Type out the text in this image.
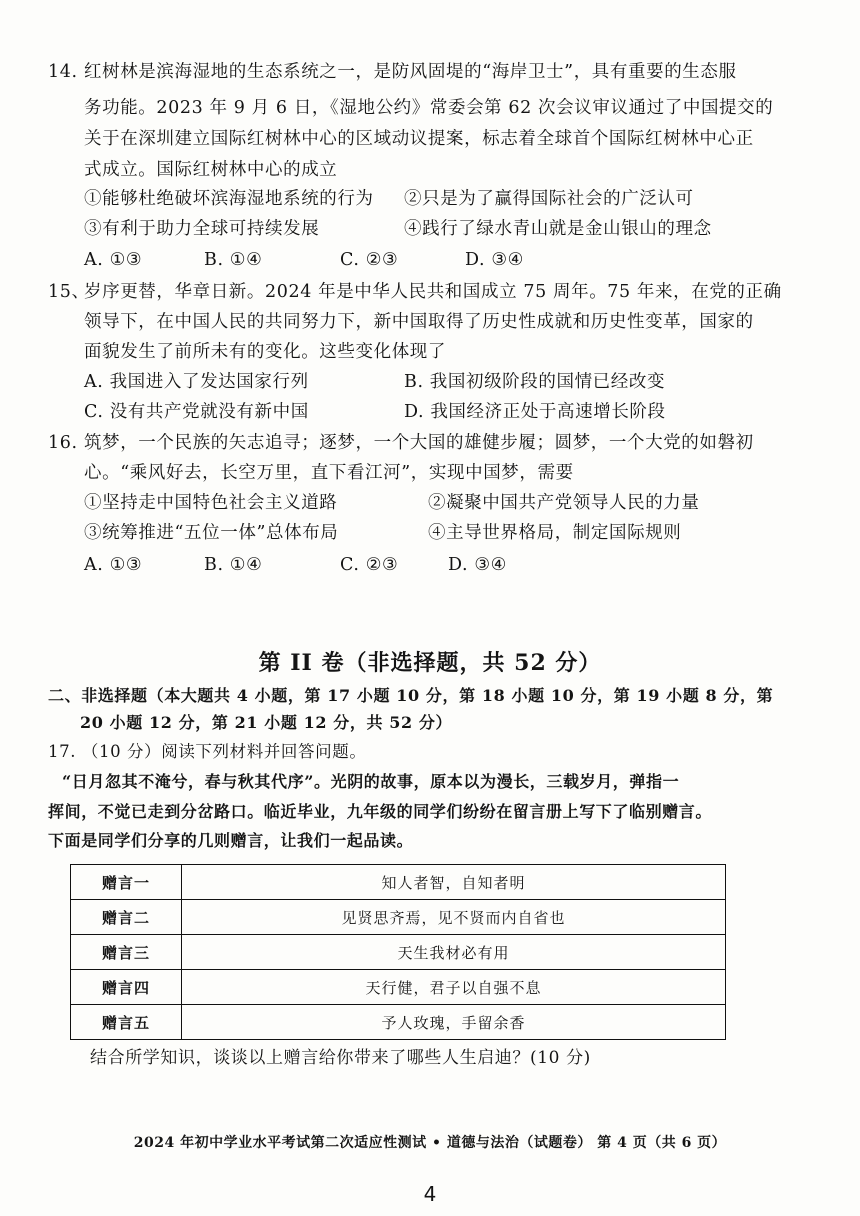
14. 红树林是滨海湿地的生态系统之一，是防风固堤的“海岸卫士”，具有重要的生态服
务功能。2023 年 9 月 6 日，《湿地公约》常委会第 62 次会议审议通过了中国提交的
关于在深圳建立国际红树林中心的区域动议提案，标志着全球首个国际红树林中心正
式成立。国际红树林中心的成立
①能够杜绝破坏滨海湿地系统的行为 ②只是为了赢得国际社会的广泛认可
③有利于助力全球可持续发展	④践行了绿水青山就是金山银山的理念
A. ①③	B. ①④	C. ②③	D. ③④
15、
岁序更替，华章日新。2024 年是中华人民共和国成立 75 周年。75 年来，在党的正确
领导下，在中国人民的共同努力下，新中国取得了历史性成就和历史性变革，国家的
面貌发生了前所未有的变化。这些变化体现了
A. 我国进入了发达国家行列	B. 我国初级阶段的国情已经改变
C. 没有共产党就没有新中国	D. 我国经济正处于高速增长阶段
16. 筑梦，一个民族的矢志追寻；逐梦，一个大国的雄健步履；圆梦，一个大党的如磐初
心。“乘风好去，长空万里，直下看江河”，实现中国梦，需要
①坚持走中国特色社会主义道路	②凝聚中国共产党领导人民的力量
③统筹推进“五位一体”总体布局	④主导世界格局，制定国际规则
A. ①③	B. ①④	C. ②③	D. ③④
第 II 卷（非选择题，共 52 分）
二、非选择题（本大题共 4 小题，第 17 小题 10 分，第 18 小题 10 分，第 19 小题 8 分，第
20 小题 12 分，第 21 小题 12 分，共 52 分）
17. （10 分）阅读下列材料并回答问题。
“日月忽其不淹兮，春与秋其代序”。光阴的故事，原本以为漫长，三载岁月，弹指一
挥间，不觉已走到分岔路口。临近毕业，九年级的同学们纷纷在留言册上写下了临别赠言。
下面是同学们分享的几则赠言，让我们一起品读。
赠言一	知人者智，自知者明
赠言二	见贤思齐焉，见不贤而内自省也
赠言三	天生我材必有用
赠言四	天行健，君子以自强不息
赠言五	予人玫瑰，手留余香
结合所学知识，谈谈以上赠言给你带来了哪些人生启迪？(10 分)
2024 年初中学业水平考试第二次适应性测试 • 道德与法治（试题卷） 第 4 页（共 6 页）
4
